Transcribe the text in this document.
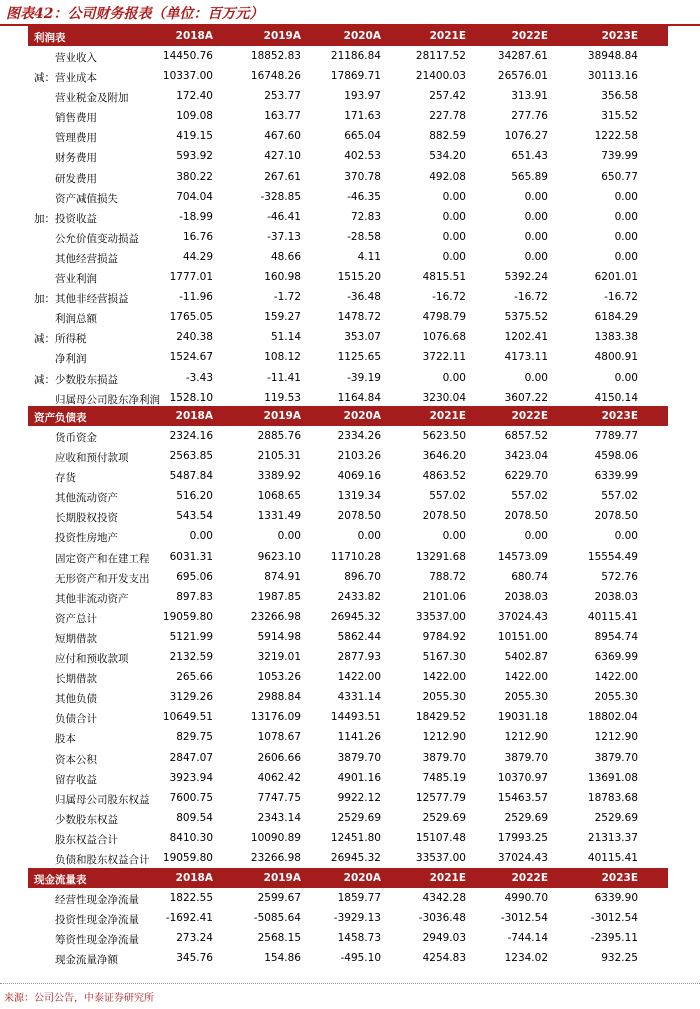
图表42：公司财务报表（单位：百万元）
利润表	2018A	2019A	2020A	2021E	2022E	2023E
　　营业收入	14450.76	18852.83	21186.84	28117.52	34287.61	38948.84
减：营业成本	10337.00	16748.26	17869.71	21400.03	26576.01	30113.16
　　营业税金及附加	172.40	253.77	193.97	257.42	313.91	356.58
　　销售费用	109.08	163.77	171.63	227.78	277.76	315.52
　　管理费用	419.15	467.60	665.04	882.59	1076.27	1222.58
　　财务费用	593.92	427.10	402.53	534.20	651.43	739.99
　　研发费用	380.22	267.61	370.78	492.08	565.89	650.77
　　资产减值损失	704.04	-328.85	-46.35	0.00	0.00	0.00
加：投资收益	-18.99	-46.41	72.83	0.00	0.00	0.00
　　公允价值变动损益	16.76	-37.13	-28.58	0.00	0.00	0.00
　　其他经营损益	44.29	48.66	4.11	0.00	0.00	0.00
　　营业利润	1777.01	160.98	1515.20	4815.51	5392.24	6201.01
加：其他非经营损益	-11.96	-1.72	-36.48	-16.72	-16.72	-16.72
　　利润总额	1765.05	159.27	1478.72	4798.79	5375.52	6184.29
减：所得税	240.38	51.14	353.07	1076.68	1202.41	1383.38
　　净利润	1524.67	108.12	1125.65	3722.11	4173.11	4800.91
减：少数股东损益	-3.43	-11.41	-39.19	0.00	0.00	0.00
　　归属母公司股东净利润 1528.10	119.53	1164.84	3230.04	3607.22	4150.14
资产负债表	2018A	2019A	2020A	2021E	2022E	2023E
　　货币资金	2324.16	2885.76	2334.26	5623.50	6857.52	7789.77
　　应收和预付款项	2563.85	2105.31	2103.26	3646.20	3423.04	4598.06
　　存货	5487.84	3389.92	4069.16	4863.52	6229.70	6339.99
　　其他流动资产	516.20	1068.65	1319.34	557.02	557.02	557.02
　　长期股权投资	543.54	1331.49	2078.50	2078.50	2078.50	2078.50
　　投资性房地产	0.00	0.00	0.00	0.00	0.00	0.00
　　固定资产和在建工程 6031.31	9623.10	11710.28	13291.68	14573.09	15554.49
　　无形资产和开发支出	695.06	874.91	896.70	788.72	680.74	572.76
　　其他非流动资产	897.83	1987.85	2433.82	2101.06	2038.03	2038.03
　　资产总计	19059.80	23266.98	26945.32	33537.00	37024.43	40115.41
　　短期借款	5121.99	5914.98	5862.44	9784.92	10151.00	8954.74
　　应付和预收款项	2132.59	3219.01	2877.93	5167.30	5402.87	6369.99
　　长期借款	265.66	1053.26	1422.00	1422.00	1422.00	1422.00
　　其他负债	3129.26	2988.84	4331.14	2055.30	2055.30	2055.30
　　负债合计	10649.51	13176.09	14493.51	18429.52	19031.18	18802.04
　　股本	829.75	1078.67	1141.26	1212.90	1212.90	1212.90
　　资本公积	2847.07	2606.66	3879.70	3879.70	3879.70	3879.70
　　留存收益	3923.94	4062.42	4901.16	7485.19	10370.97	13691.08
　　归属母公司股东权益 7600.75	7747.75	9922.12	12577.79	15463.57	18783.68
　　少数股东权益	809.54	2343.14	2529.69	2529.69	2529.69	2529.69
　　股东权益合计	8410.30	10090.89	12451.80	15107.48	17993.25	21313.37
　　负债和股东权益合计 19059.80	23266.98	26945.32	33537.00	37024.43	40115.41
现金流量表	2018A	2019A	2020A	2021E	2022E	2023E
　　经营性现金净流量	1822.55	2599.67	1859.77	4342.28	4990.70	6339.90
　　投资性现金净流量	-1692.41	-5085.64	-3929.13	-3036.48	-3012.54	-3012.54
　　筹资性现金净流量	273.24	2568.15	1458.73	2949.03	-744.14	-2395.11
　　现金流量净额	345.76	154.86	-495.10	4254.83	1234.02	932.25
来源：公司公告，中泰证券研究所
